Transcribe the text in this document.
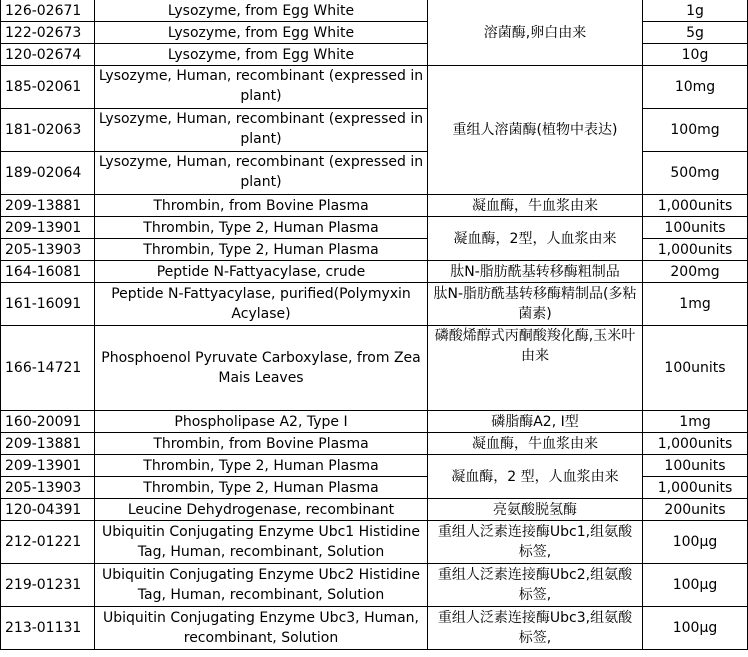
126-02671	Lysozyme, from Egg White	溶菌酶,卵白由来	1g
122-02673	Lysozyme, from Egg White		5g
120-02674	Lysozyme, from Egg White		10g
185-02061	Lysozyme, Human, recombinant (expressed in plant)	重组人溶菌酶(植物中表达)	10mg
181-02063	Lysozyme, Human, recombinant (expressed in plant)		100mg
189-02064	Lysozyme, Human, recombinant (expressed in plant)		500mg
209-13881	Thrombin, from Bovine Plasma	凝血酶，牛血浆由来	1,000units
209-13901	Thrombin, Type 2, Human Plasma	凝血酶，2型，人血浆由来	100units
205-13903	Thrombin, Type 2, Human Plasma		1,000units
164-16081	Peptide N-Fattyacylase, crude	肽N-脂肪酰基转移酶粗制品	200mg
161-16091	Peptide N-Fattyacylase, purified(Polymyxin Acylase)	肽N-脂肪酰基转移酶精制品(多粘菌素)	1mg
166-14721	Phosphoenol Pyruvate Carboxylase, from Zea Mais Leaves	磷酸烯醇式丙酮酸羧化酶,玉米叶由来	100units
160-20091	Phospholipase A2, Type I	磷脂酶A2, I型	1mg
209-13881	Thrombin, from Bovine Plasma	凝血酶，牛血浆由来	1,000units
209-13901	Thrombin, Type 2, Human Plasma	凝血酶，2 型，人血浆由来	100units
205-13903	Thrombin, Type 2, Human Plasma		1,000units
120-04391	Leucine Dehydrogenase, recombinant	亮氨酸脱氢酶	200units
212-01221	Ubiquitin Conjugating Enzyme Ubc1 Histidine Tag, Human, recombinant, Solution	重组人泛素连接酶Ubc1,组氨酸标签,	100μg
219-01231	Ubiquitin Conjugating Enzyme Ubc2 Histidine Tag, Human, recombinant, Solution	重组人泛素连接酶Ubc2,组氨酸标签,	100μg
213-01131	Ubiquitin Conjugating Enzyme Ubc3, Human, recombinant, Solution	重组人泛素连接酶Ubc3,组氨酸标签,	100μg
